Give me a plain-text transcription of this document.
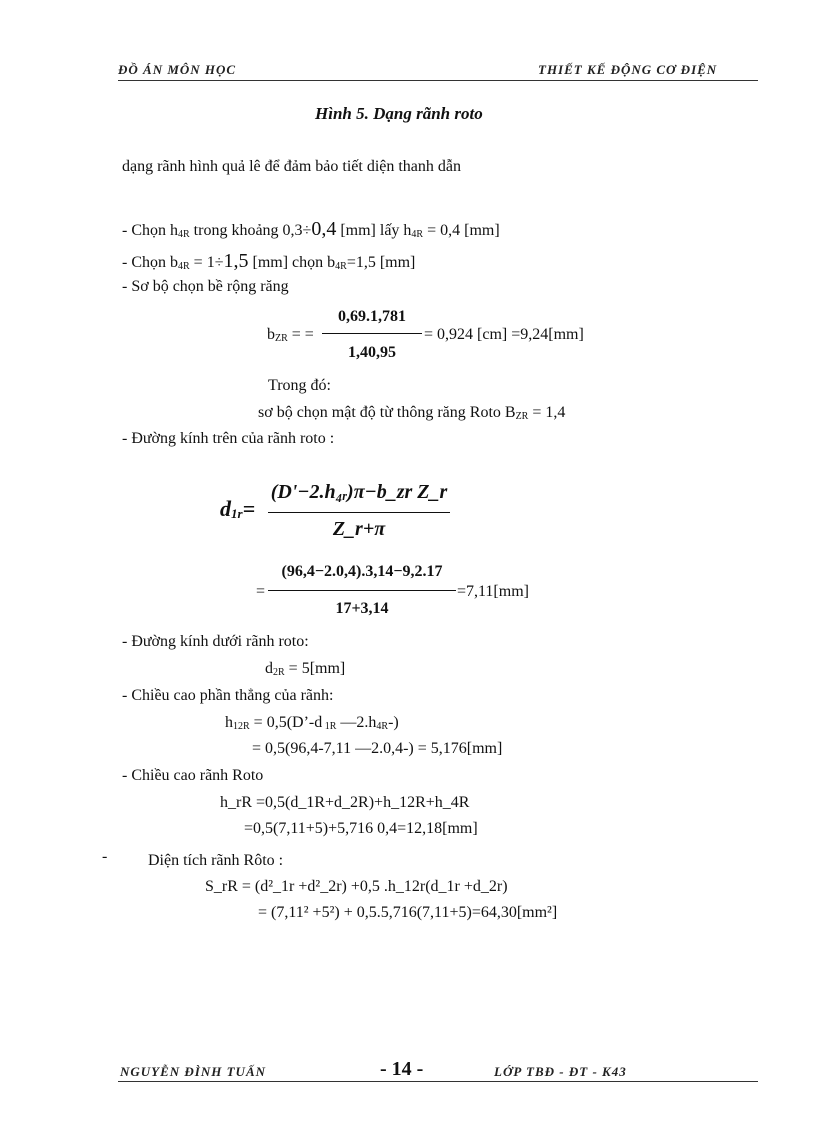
ĐỒ ÁN MÔN HỌC	THIẾT KẾ ĐỘNG CƠ ĐIỆN
Hình 5. Dạng rãnh roto
dạng rãnh hình quả lê để đảm bảo tiết diện thanh dẫn
- Chọn $h_{4R}$ trong khoảng 0,3÷0,4 [mm] lấy $h_{4R} = 0,4$ [mm]
- Chọn $b_{4R} = 1\div 1,5$ [mm] chọn $b_{4R}=1,5$ [mm]
- Sơ bộ chọn bề rộng răng
$b_{ZR}$ = =
0,69.1,781
1,40,95
= 0,924 [cm] =9,24[mm]
Trong đó:
sơ bộ chọn mật độ từ thông răng Roto $B_{ZR} = 1,4$
- Đường kính trên của rãnh roto :
$d_{1r}=$
(D'−2.h₄ᵣ)π−b_zr Z_r
Z_r+π
=
(96,4−2.0,4).3,14−9,2.17
17+3,14
=7,11[mm]
- Đường kính dưới rãnh roto:
$d_{2R} = 5[mm]$
- Chiều cao phần thẳng của rãnh:
$h_{12R}$ = 0,5(D’-d $_{1R}$ $—2.h_{4R}-$)
= 0,5(96,4-7,11 —2.0,4-) = 5,176[mm]
- Chiều cao rãnh Roto
h_rR =0,5(d_1R+d_2R)+h_12R+h_4R
=0,5(7,11+5)+5,716 0,4=12,18[mm]
-	Diện tích rãnh Rôto :
S_rR = (d²_1r +d²_2r) +0,5 .h_12r(d_1r +d_2r)
= (7,11² +5²) + 0,5.5,716(7,11+5)=64,30[mm²]
NGUYỄN ĐÌNH TUẤN	- 14 -	LỚP TBĐ - ĐT - K43
